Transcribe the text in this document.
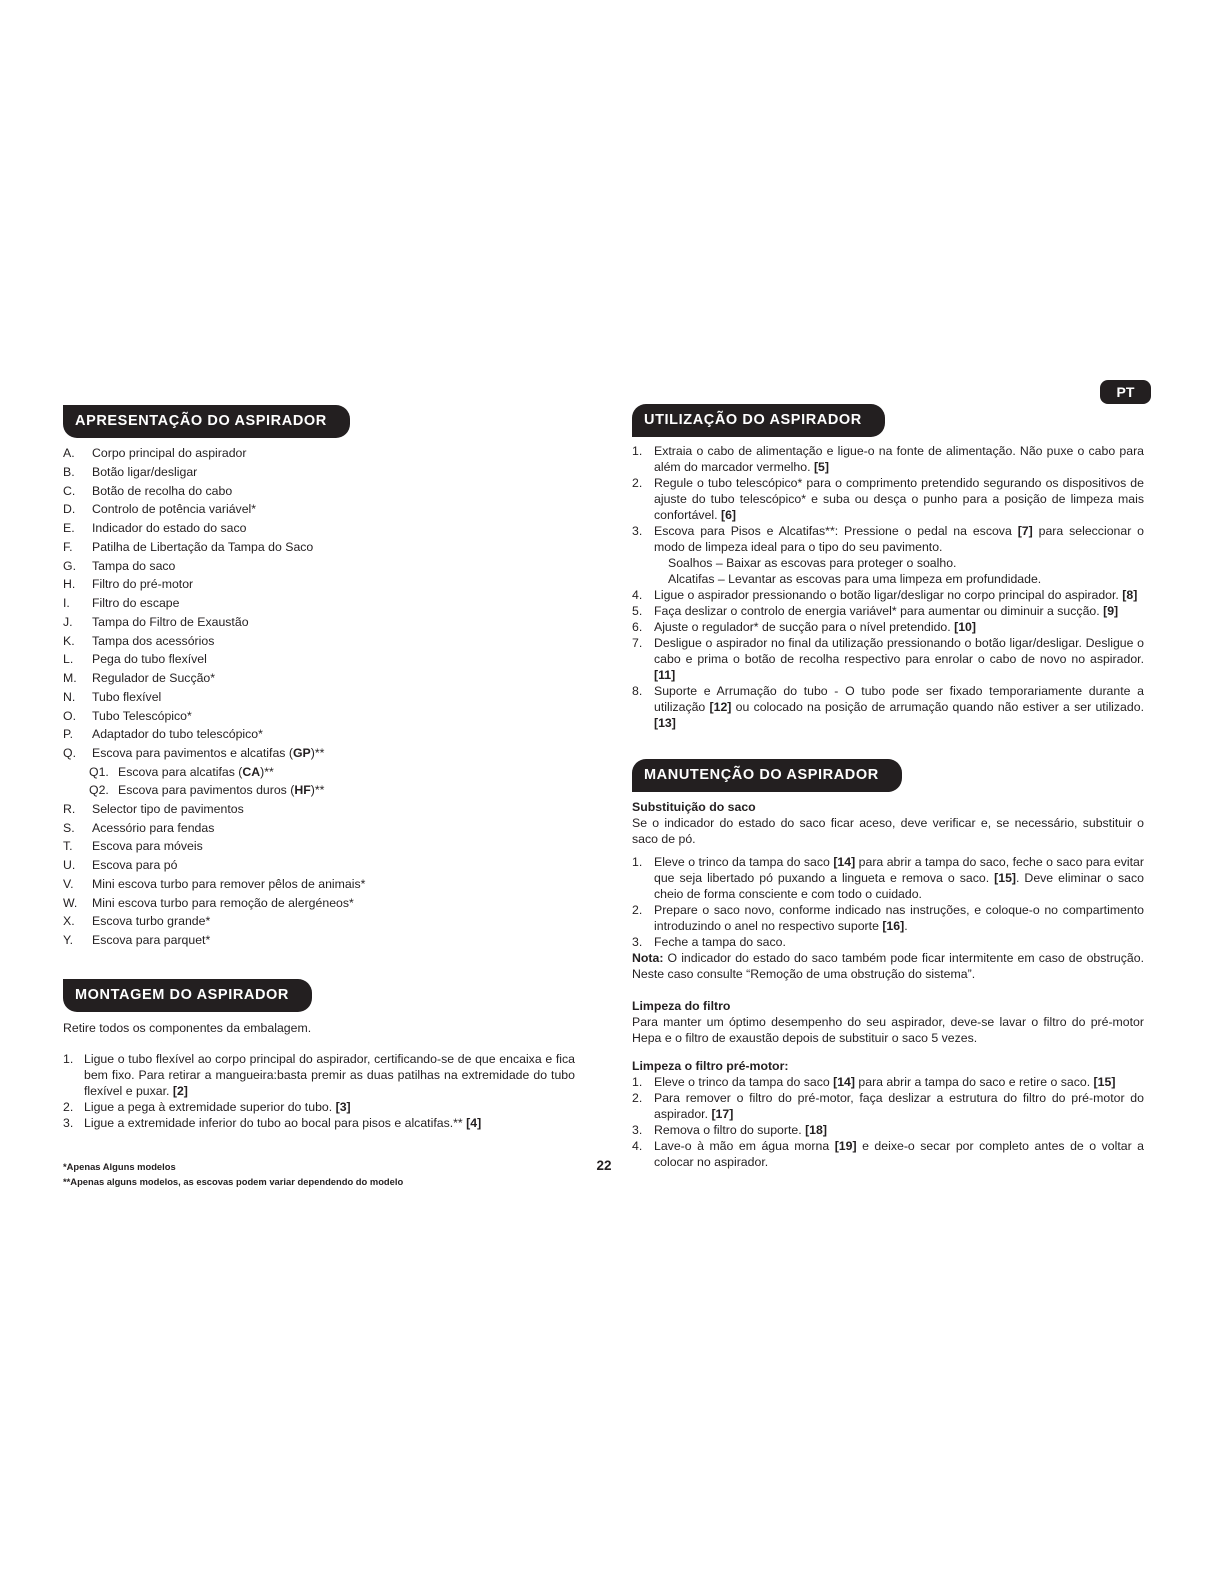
PT
APRESENTAÇÃO DO ASPIRADOR
A. Corpo principal do aspirador
B. Botão ligar/desligar
C. Botão de recolha do cabo
D. Controlo de potência variável*
E. Indicador do estado do saco
F. Patilha de Libertação da Tampa do Saco
G. Tampa do saco
H. Filtro do pré-motor
I. Filtro do escape
J. Tampa do Filtro de Exaustão
K. Tampa dos acessórios
L. Pega do tubo flexível
M. Regulador de Sucção*
N. Tubo flexível
O. Tubo Telescópico*
P. Adaptador do tubo telescópico*
Q. Escova para pavimentos e alcatifas (GP)**
Q1. Escova para alcatifas (CA)**
Q2. Escova para pavimentos duros (HF)**
R. Selector tipo de pavimentos
S. Acessório para fendas
T. Escova para móveis
U. Escova para pó
V. Mini escova turbo para remover pêlos de animais*
W. Mini escova turbo para remoção de alergéneos*
X. Escova turbo grande*
Y. Escova para parquet*
MONTAGEM DO ASPIRADOR

Retire todos os componentes da embalagem.

1. Ligue o tubo flexível ao corpo principal do aspirador, certificando-se de que encaixa e fica bem fixo. Para retirar a mangueira:basta premir as duas patilhas na extremidade do tubo flexível e puxar. [2]
2. Ligue a pega à extremidade superior do tubo. [3]
3. Ligue a extremidade inferior do tubo ao bocal para pisos e alcatifas.** [4]
UTILIZAÇÃO DO ASPIRADOR
1. Extraia o cabo de alimentação e ligue-o na fonte de alimentação. Não puxe o cabo para além do marcador vermelho. [5]
2. Regule o tubo telescópico* para o comprimento pretendido segurando os dispositivos de ajuste do tubo telescópico* e suba ou desça o punho para a posição de limpeza mais confortável. [6]
3. Escova para Pisos e Alcatifas**: Pressione o pedal na escova [7] para seleccionar o modo de limpeza ideal para o tipo do seu pavimento.
Soalhos – Baixar as escovas para proteger o soalho.
Alcatifas – Levantar as escovas para uma limpeza em profundidade.
4. Ligue o aspirador pressionando o botão ligar/desligar no corpo principal do aspirador. [8]
5. Faça deslizar o controlo de energia variável* para aumentar ou diminuir a sucção. [9]
6. Ajuste o regulador* de sucção para o nível pretendido. [10]
7. Desligue o aspirador no final da utilização pressionando o botão ligar/desligar. Desligue o cabo e prima o botão de recolha respectivo para enrolar o cabo de novo no aspirador. [11]
8. Suporte e Arrumação do tubo - O tubo pode ser fixado temporariamente durante a utilização [12] ou colocado na posição de arrumação quando não estiver a ser utilizado. [13]
MANUTENÇÃO DO ASPIRADOR

Substituição do saco

Se o indicador do estado do saco ficar aceso, deve verificar e, se necessário, substituir o saco de pó.

1. Eleve o trinco da tampa do saco [14] para abrir a tampa do saco, feche o saco para evitar que seja libertado pó puxando a lingueta e remova o saco. [15]. Deve eliminar o saco cheio de forma consciente e com todo o cuidado.
2. Prepare o saco novo, conforme indicado nas instruções, e coloque-o no compartimento introduzindo o anel no respectivo suporte [16].
3. Feche a tampa do saco.

Nota: O indicador do estado do saco também pode ficar intermitente em caso de obstrução. Neste caso consulte “Remoção de uma obstrução do sistema”.

Limpeza do filtro

Para manter um óptimo desempenho do seu aspirador, deve-se lavar o filtro do pré-motor Hepa e o filtro de exaustão depois de substituir o saco 5 vezes.

Limpeza o filtro pré-motor:

1. Eleve o trinco da tampa do saco [14] para abrir a tampa do saco e retire o saco. [15]
2. Para remover o filtro do pré-motor, faça deslizar a estrutura do filtro do pré-motor do aspirador. [17]
3. Remova o filtro do suporte. [18]
4. Lave-o à mão em água morna [19] e deixe-o secar por completo antes de o voltar a colocar no aspirador.
*Apenas Alguns modelos
**Apenas alguns modelos, as escovas podem variar dependendo do modelo
22
